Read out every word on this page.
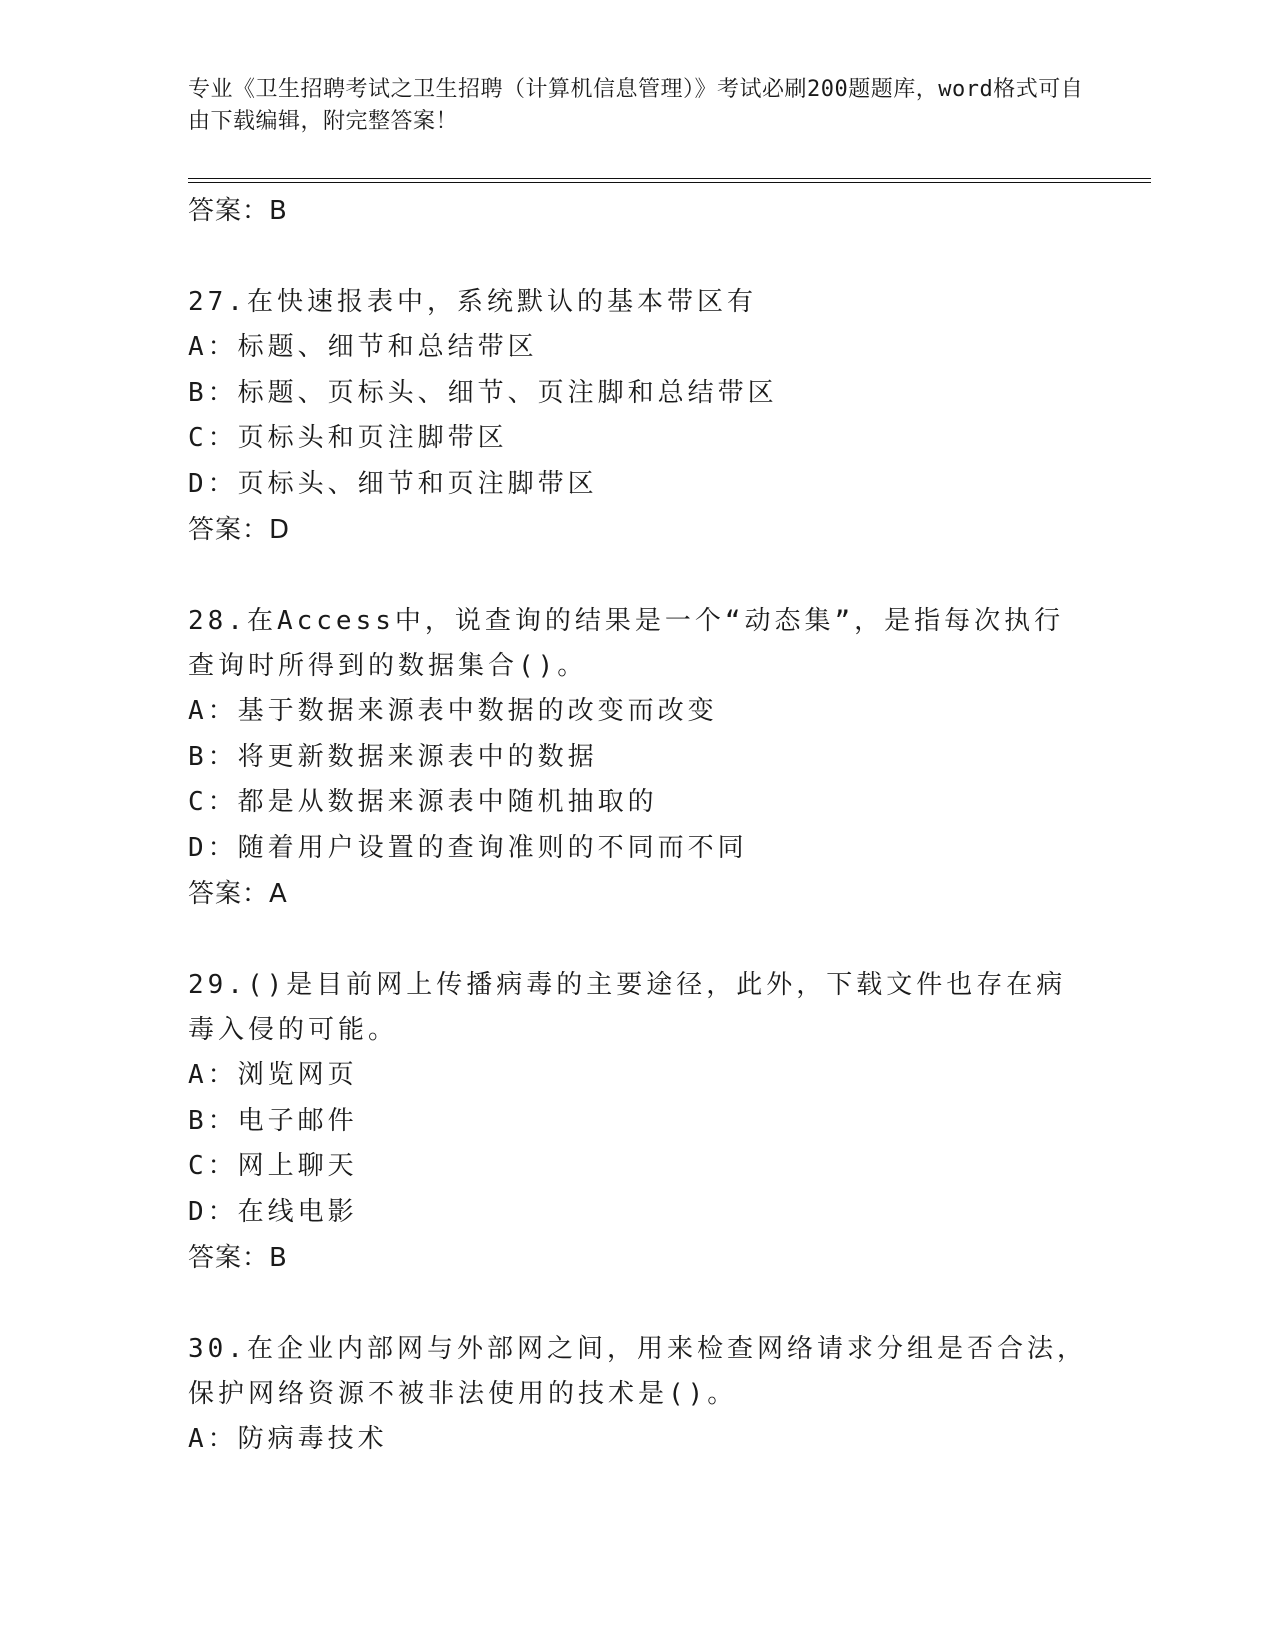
专业《卫生招聘考试之卫生招聘（计算机信息管理）》考试必刷200题题库，word格式可自由下载编辑，附完整答案！
答案：B
27.在快速报表中，系统默认的基本带区有
A：标题、细节和总结带区
B：标题、页标头、细节、页注脚和总结带区
C：页标头和页注脚带区
D：页标头、细节和页注脚带区
答案：D
28.在Access中，说查询的结果是一个“动态集”，是指每次执行查询时所得到的数据集合()。
A：基于数据来源表中数据的改变而改变
B：将更新数据来源表中的数据
C：都是从数据来源表中随机抽取的
D：随着用户设置的查询准则的不同而不同
答案：A
29.()是目前网上传播病毒的主要途径，此外，下载文件也存在病毒入侵的可能。
A：浏览网页
B：电子邮件
C：网上聊天
D：在线电影
答案：B
30.在企业内部网与外部网之间，用来检查网络请求分组是否合法，保护网络资源不被非法使用的技术是()。
A：防病毒技术
